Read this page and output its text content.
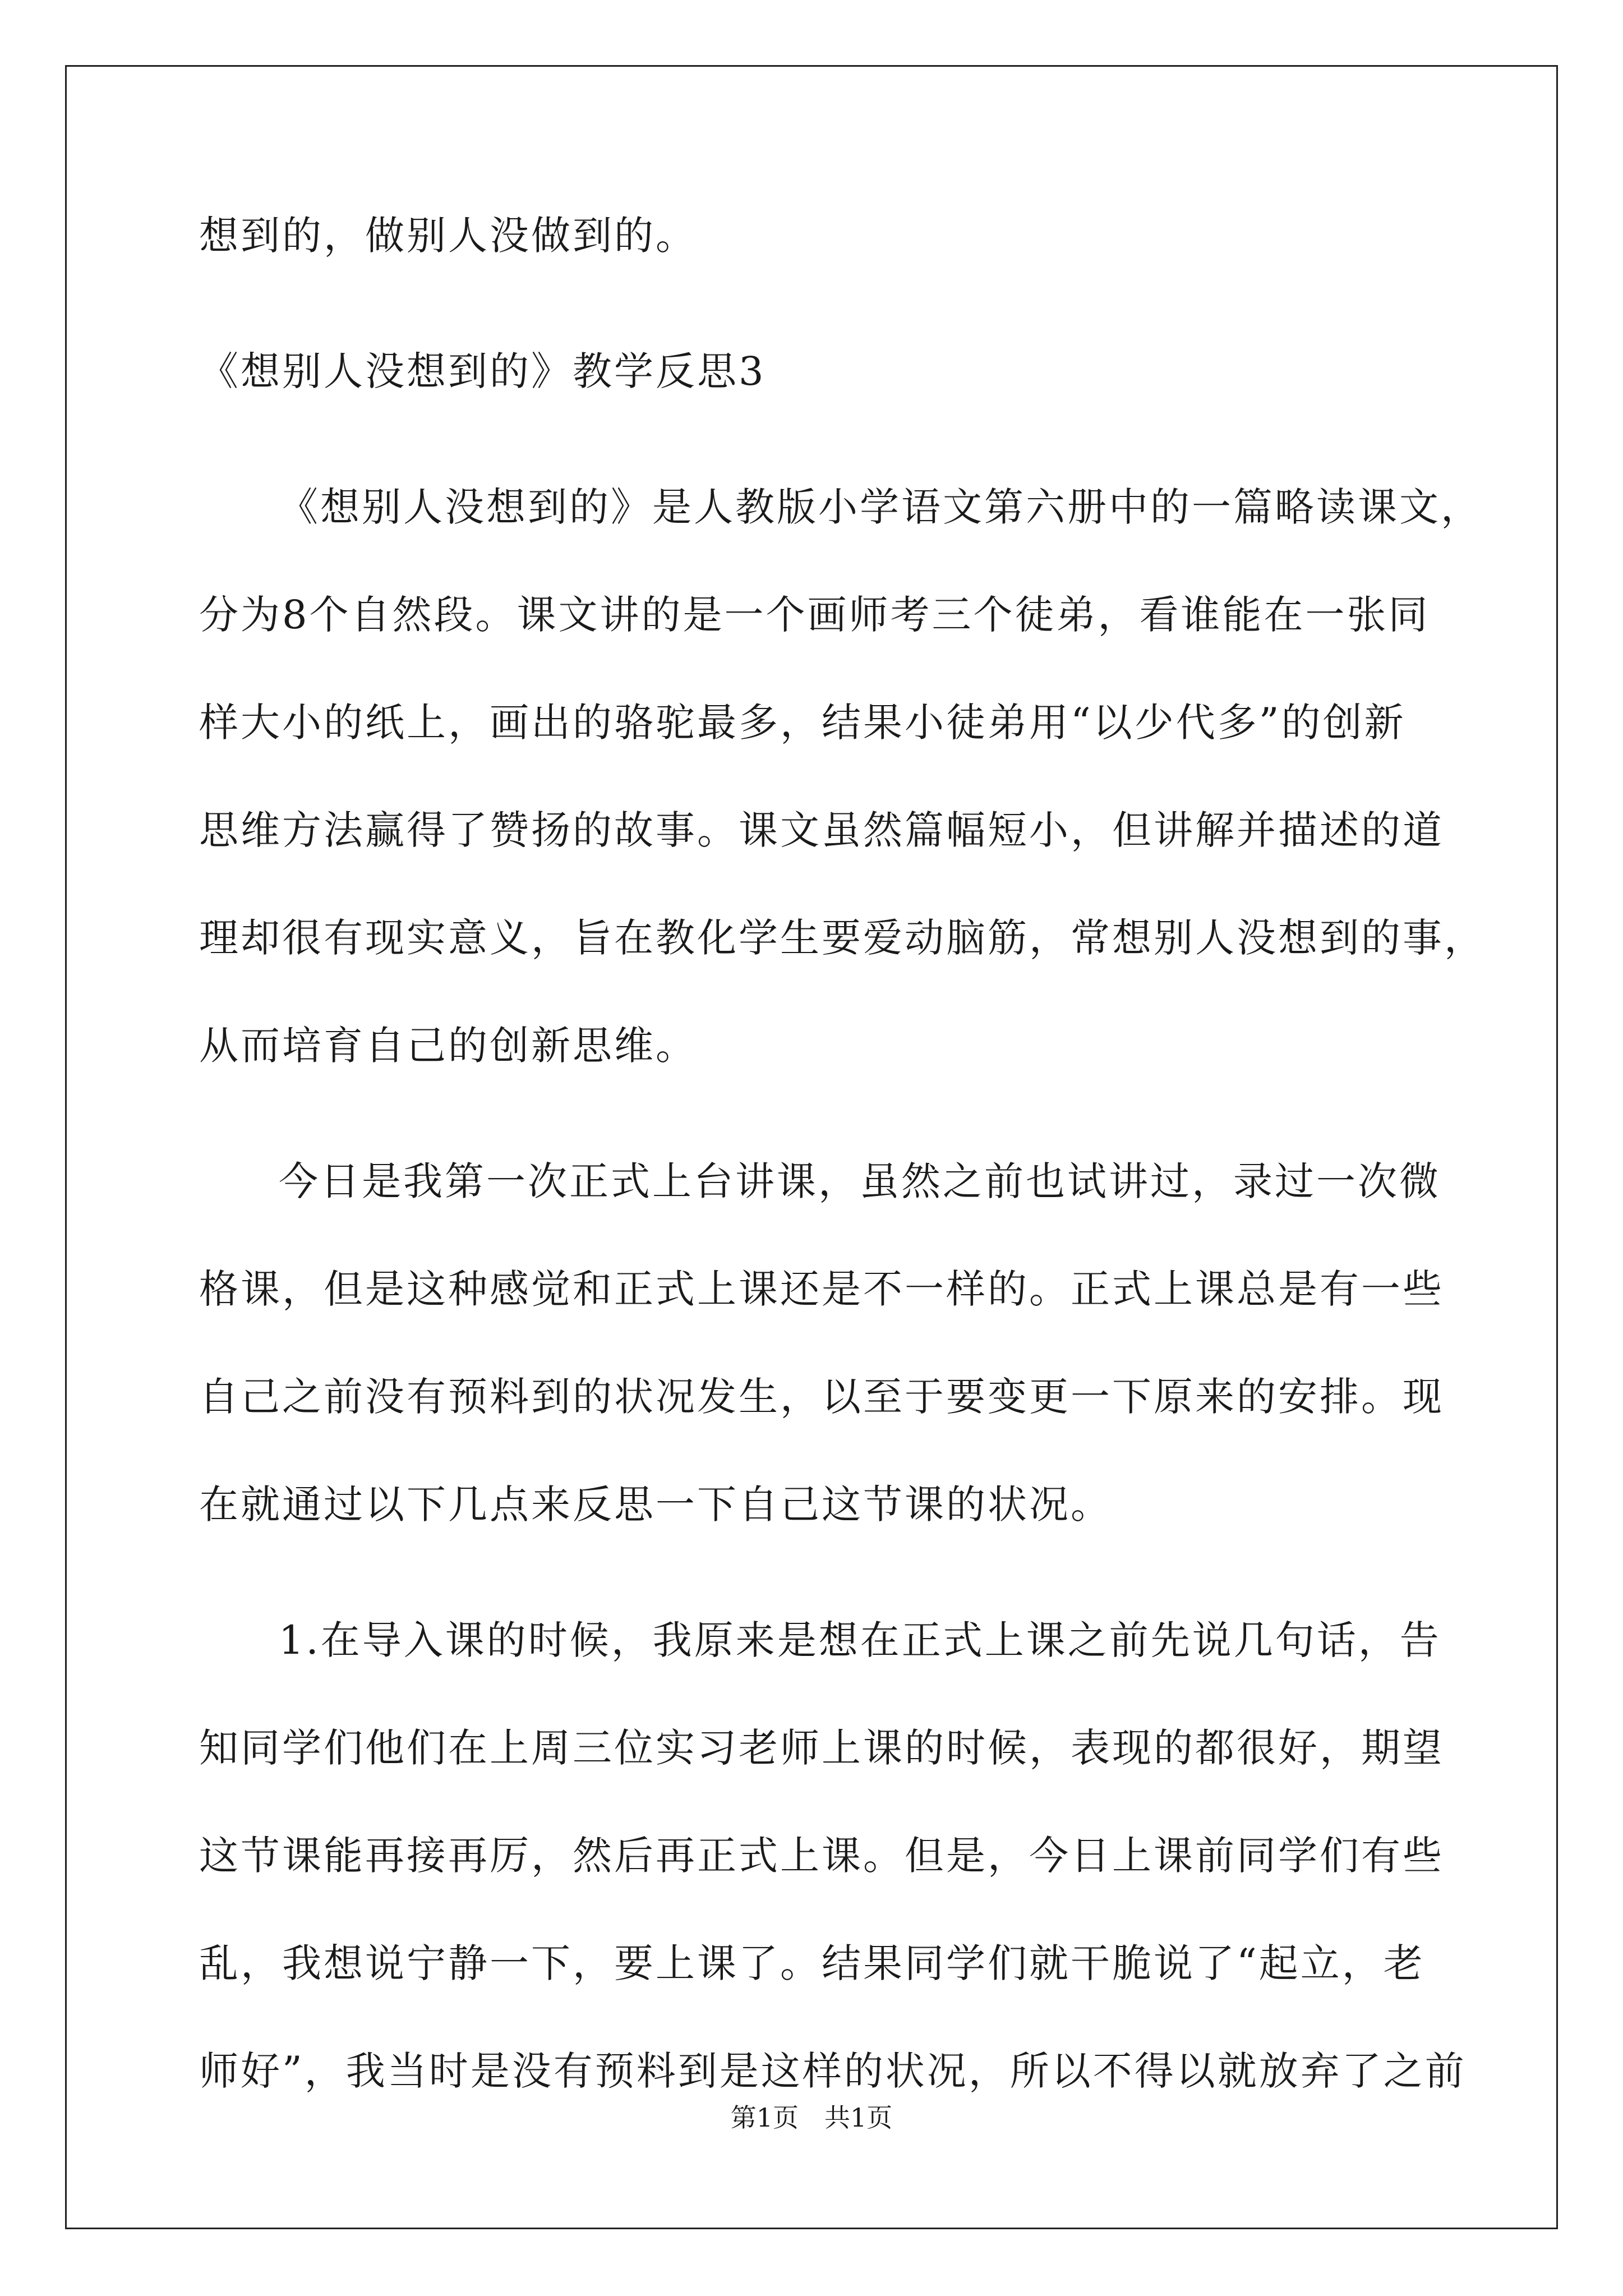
想到的，做别人没做到的。
《想别人没想到的》教学反思3
《想别人没想到的》是人教版小学语文第六册中的一篇略读课文，
分为8个自然段。课文讲的是一个画师考三个徒弟，看谁能在一张同
样大小的纸上，画出的骆驼最多，结果小徒弟用“以少代多”的创新
思维方法赢得了赞扬的故事。课文虽然篇幅短小，但讲解并描述的道
理却很有现实意义，旨在教化学生要爱动脑筋，常想别人没想到的事，
从而培育自己的创新思维。
今日是我第一次正式上台讲课，虽然之前也试讲过，录过一次微
格课，但是这种感觉和正式上课还是不一样的。正式上课总是有一些
自己之前没有预料到的状况发生，以至于要变更一下原来的安排。现
在就通过以下几点来反思一下自己这节课的状况。
1.在导入课的时候，我原来是想在正式上课之前先说几句话，告
知同学们他们在上周三位实习老师上课的时候，表现的都很好，期望
这节课能再接再厉，然后再正式上课。但是，今日上课前同学们有些
乱，我想说宁静一下，要上课了。结果同学们就干脆说了“起立，老
师好”，我当时是没有预料到是这样的状况，所以不得以就放弃了之前
第1页　共1页
